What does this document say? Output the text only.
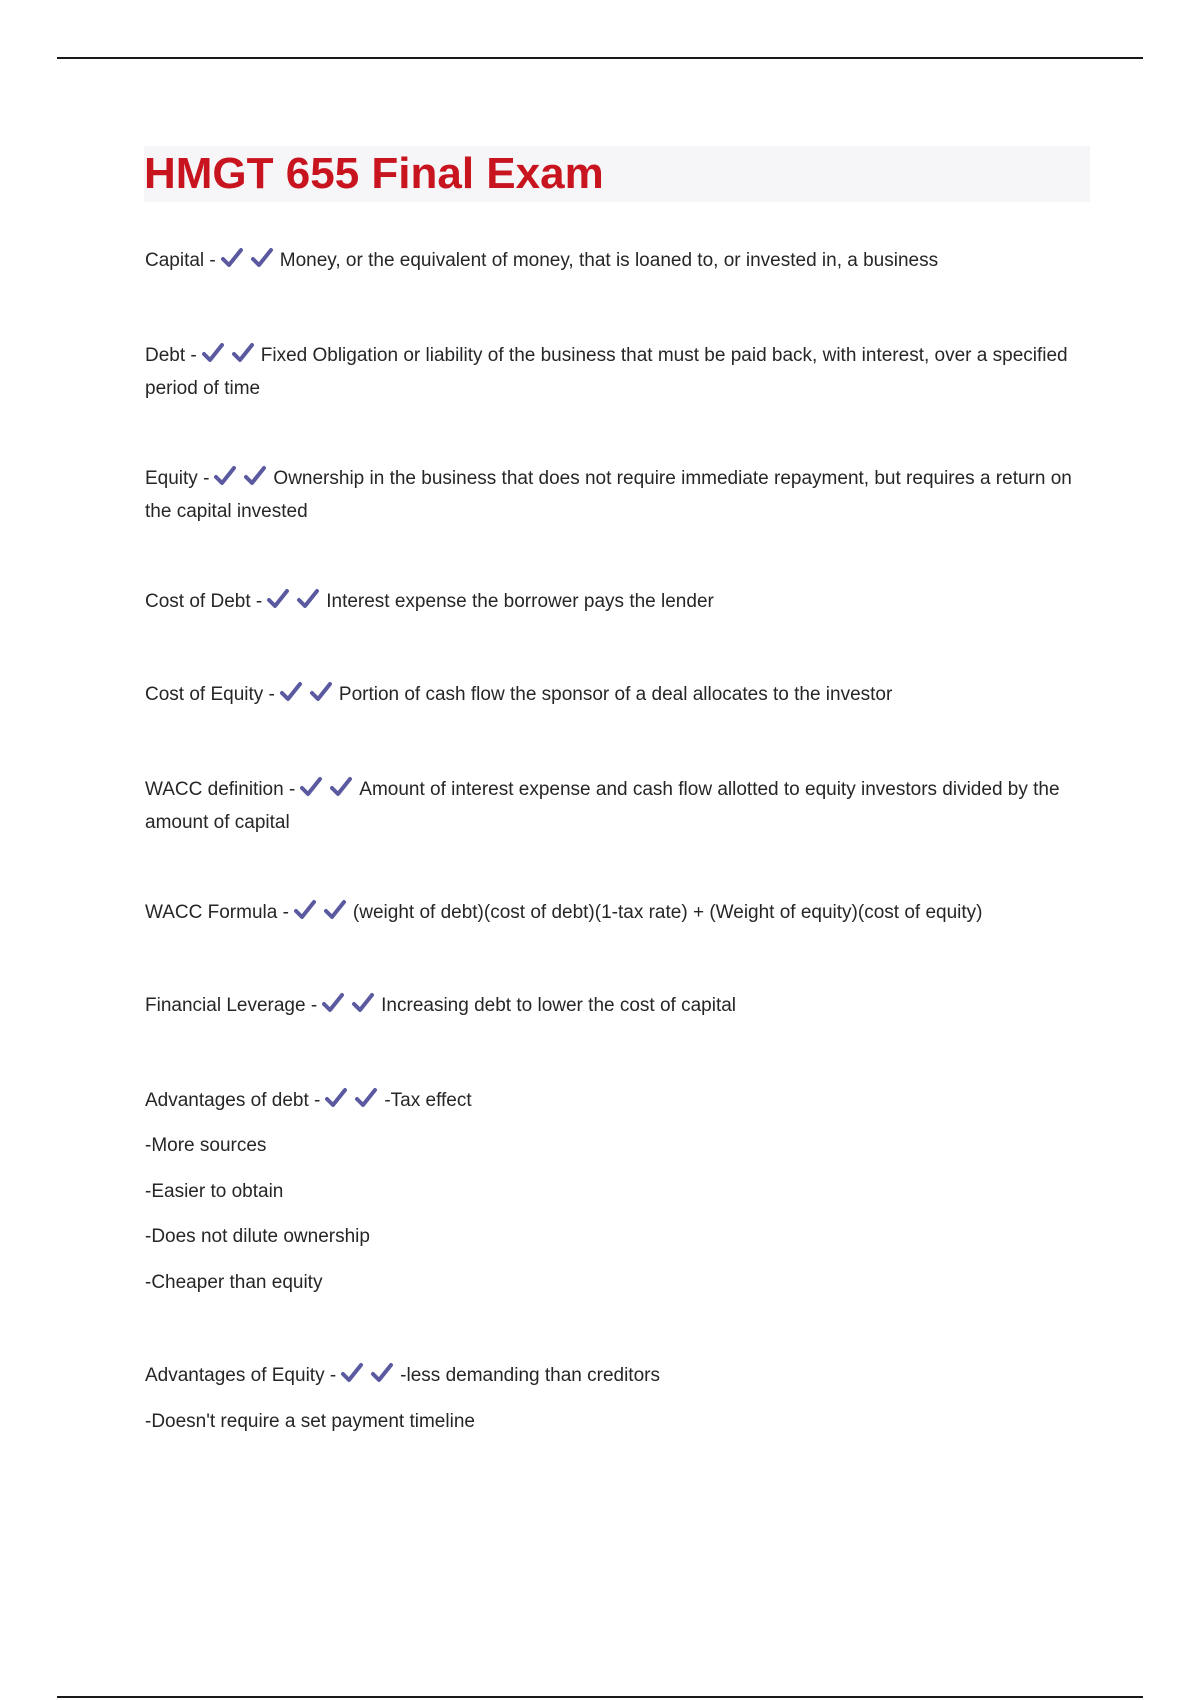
HMGT 655 Final Exam

Capital -	Money, or the equivalent of money, that is loaned to, or invested in, a business

Debt -	Fixed Obligation or liability of the business that must be paid back, with interest, over a specified period of time

Equity -	Ownership in the business that does not require immediate repayment, but requires a return on the capital invested

Cost of Debt -	Interest expense the borrower pays the lender

Cost of Equity -	Portion of cash flow the sponsor of a deal allocates to the investor

WACC definition -	Amount of interest expense and cash flow allotted to equity investors divided by the amount of capital

WACC Formula -	(weight of debt)(cost of debt)(1-tax rate) + (Weight of equity)(cost of equity)

Financial Leverage -	Increasing debt to lower the cost of capital

Advantages of debt -	-Tax effect

-More sources

-Easier to obtain

-Does not dilute ownership

-Cheaper than equity

Advantages of Equity -	-less demanding than creditors

-Doesn't require a set payment timeline
